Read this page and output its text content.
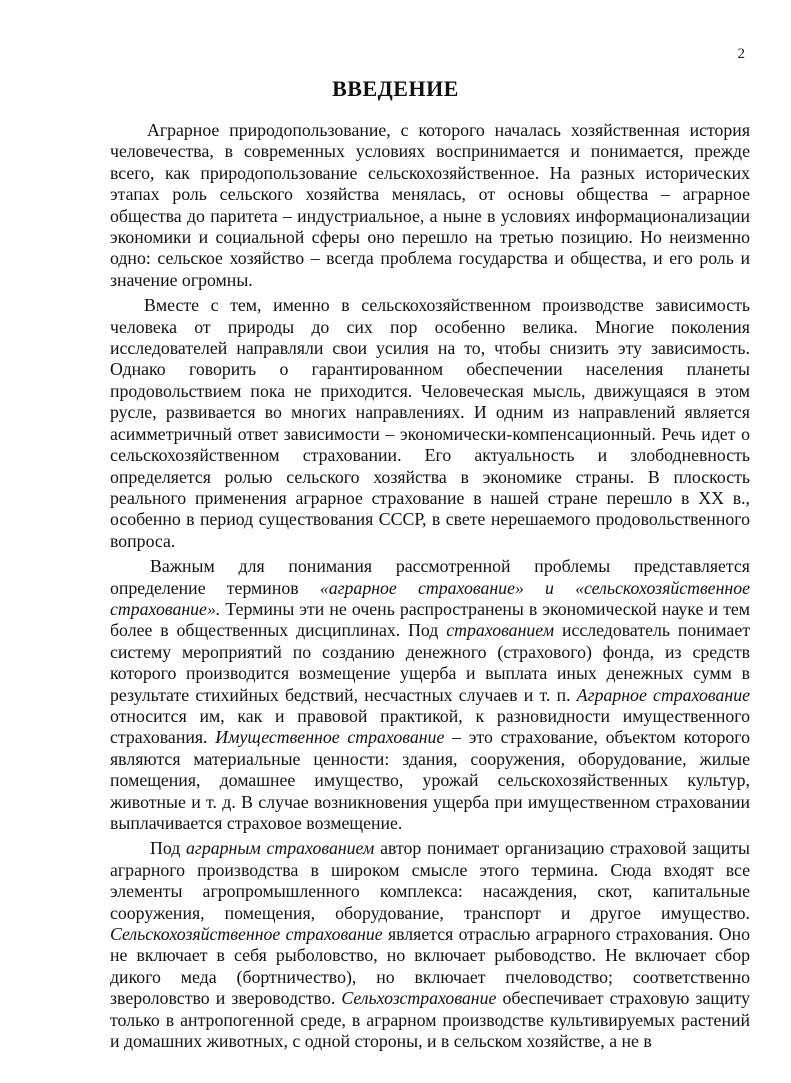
2
ВВЕДЕНИЕ

Аграрное природопользование, с которого началась хозяйственная история человечества, в современных условиях воспринимается и понимается, прежде всего, как природопользование сельскохозяйственное. На разных исторических этапах роль сельского хозяйства менялась, от основы общества – аграрное общества до паритета – индустриальное, а ныне в условиях информационализации экономики и социальной сферы оно перешло на третью позицию. Но неизменно одно: сельское хозяйство – всегда проблема государства и общества, и его роль и значение огромны.

Вместе с тем, именно в сельскохозяйственном производстве зависимость человека от природы до сих пор особенно велика. Многие поколения исследователей направляли свои усилия на то, чтобы снизить эту зависимость. Однако говорить о гарантированном обеспечении населения планеты продовольствием пока не приходится. Человеческая мысль, движущаяся в этом русле, развивается во многих направлениях. И одним из направлений является асимметричный ответ зависимости – экономически-компенсационный. Речь идет о сельскохозяйственном страховании. Его актуальность и злободневность определяется ролью сельского хозяйства в экономике страны. В плоскость реального применения аграрное страхование в нашей стране перешло в XX в., особенно в период существования СССР, в свете нерешаемого продовольственного вопроса.

Важным для понимания рассмотренной проблемы представляется определение терминов «аграрное страхование» и «сельскохозяйственное страхование». Термины эти не очень распространены в экономической науке и тем более в общественных дисциплинах. Под страхованием исследователь понимает систему мероприятий по созданию денежного (страхового) фонда, из средств которого производится возмещение ущерба и выплата иных денежных сумм в результате стихийных бедствий, несчастных случаев и т. п. Аграрное страхование относится им, как и правовой практикой, к разновидности имущественного страхования. Имущественное страхование – это страхование, объектом которого являются материальные ценности: здания, сооружения, оборудование, жилые помещения, домашнее имущество, урожай сельскохозяйственных культур, животные и т. д. В случае возникновения ущерба при имущественном страховании выплачивается страховое возмещение.

Под аграрным страхованием автор понимает организацию страховой защиты аграрного производства в широком смысле этого термина. Сюда входят все элементы агропромышленного комплекса: насаждения, скот, капитальные сооружения, помещения, оборудование, транспорт и другое имущество. Сельскохозяйственное страхование является отраслью аграрного страхования. Оно не включает в себя рыболовство, но включает рыбоводство. Не включает сбор дикого меда (бортничество), но включает пчеловодство; соответственно звероловство и звероводство. Сельхозстрахование обеспечивает страховую защиту только в антропогенной среде, в аграрном производстве культивируемых растений и домашних животных, с одной стороны, и в сельском хозяйстве, а не в
